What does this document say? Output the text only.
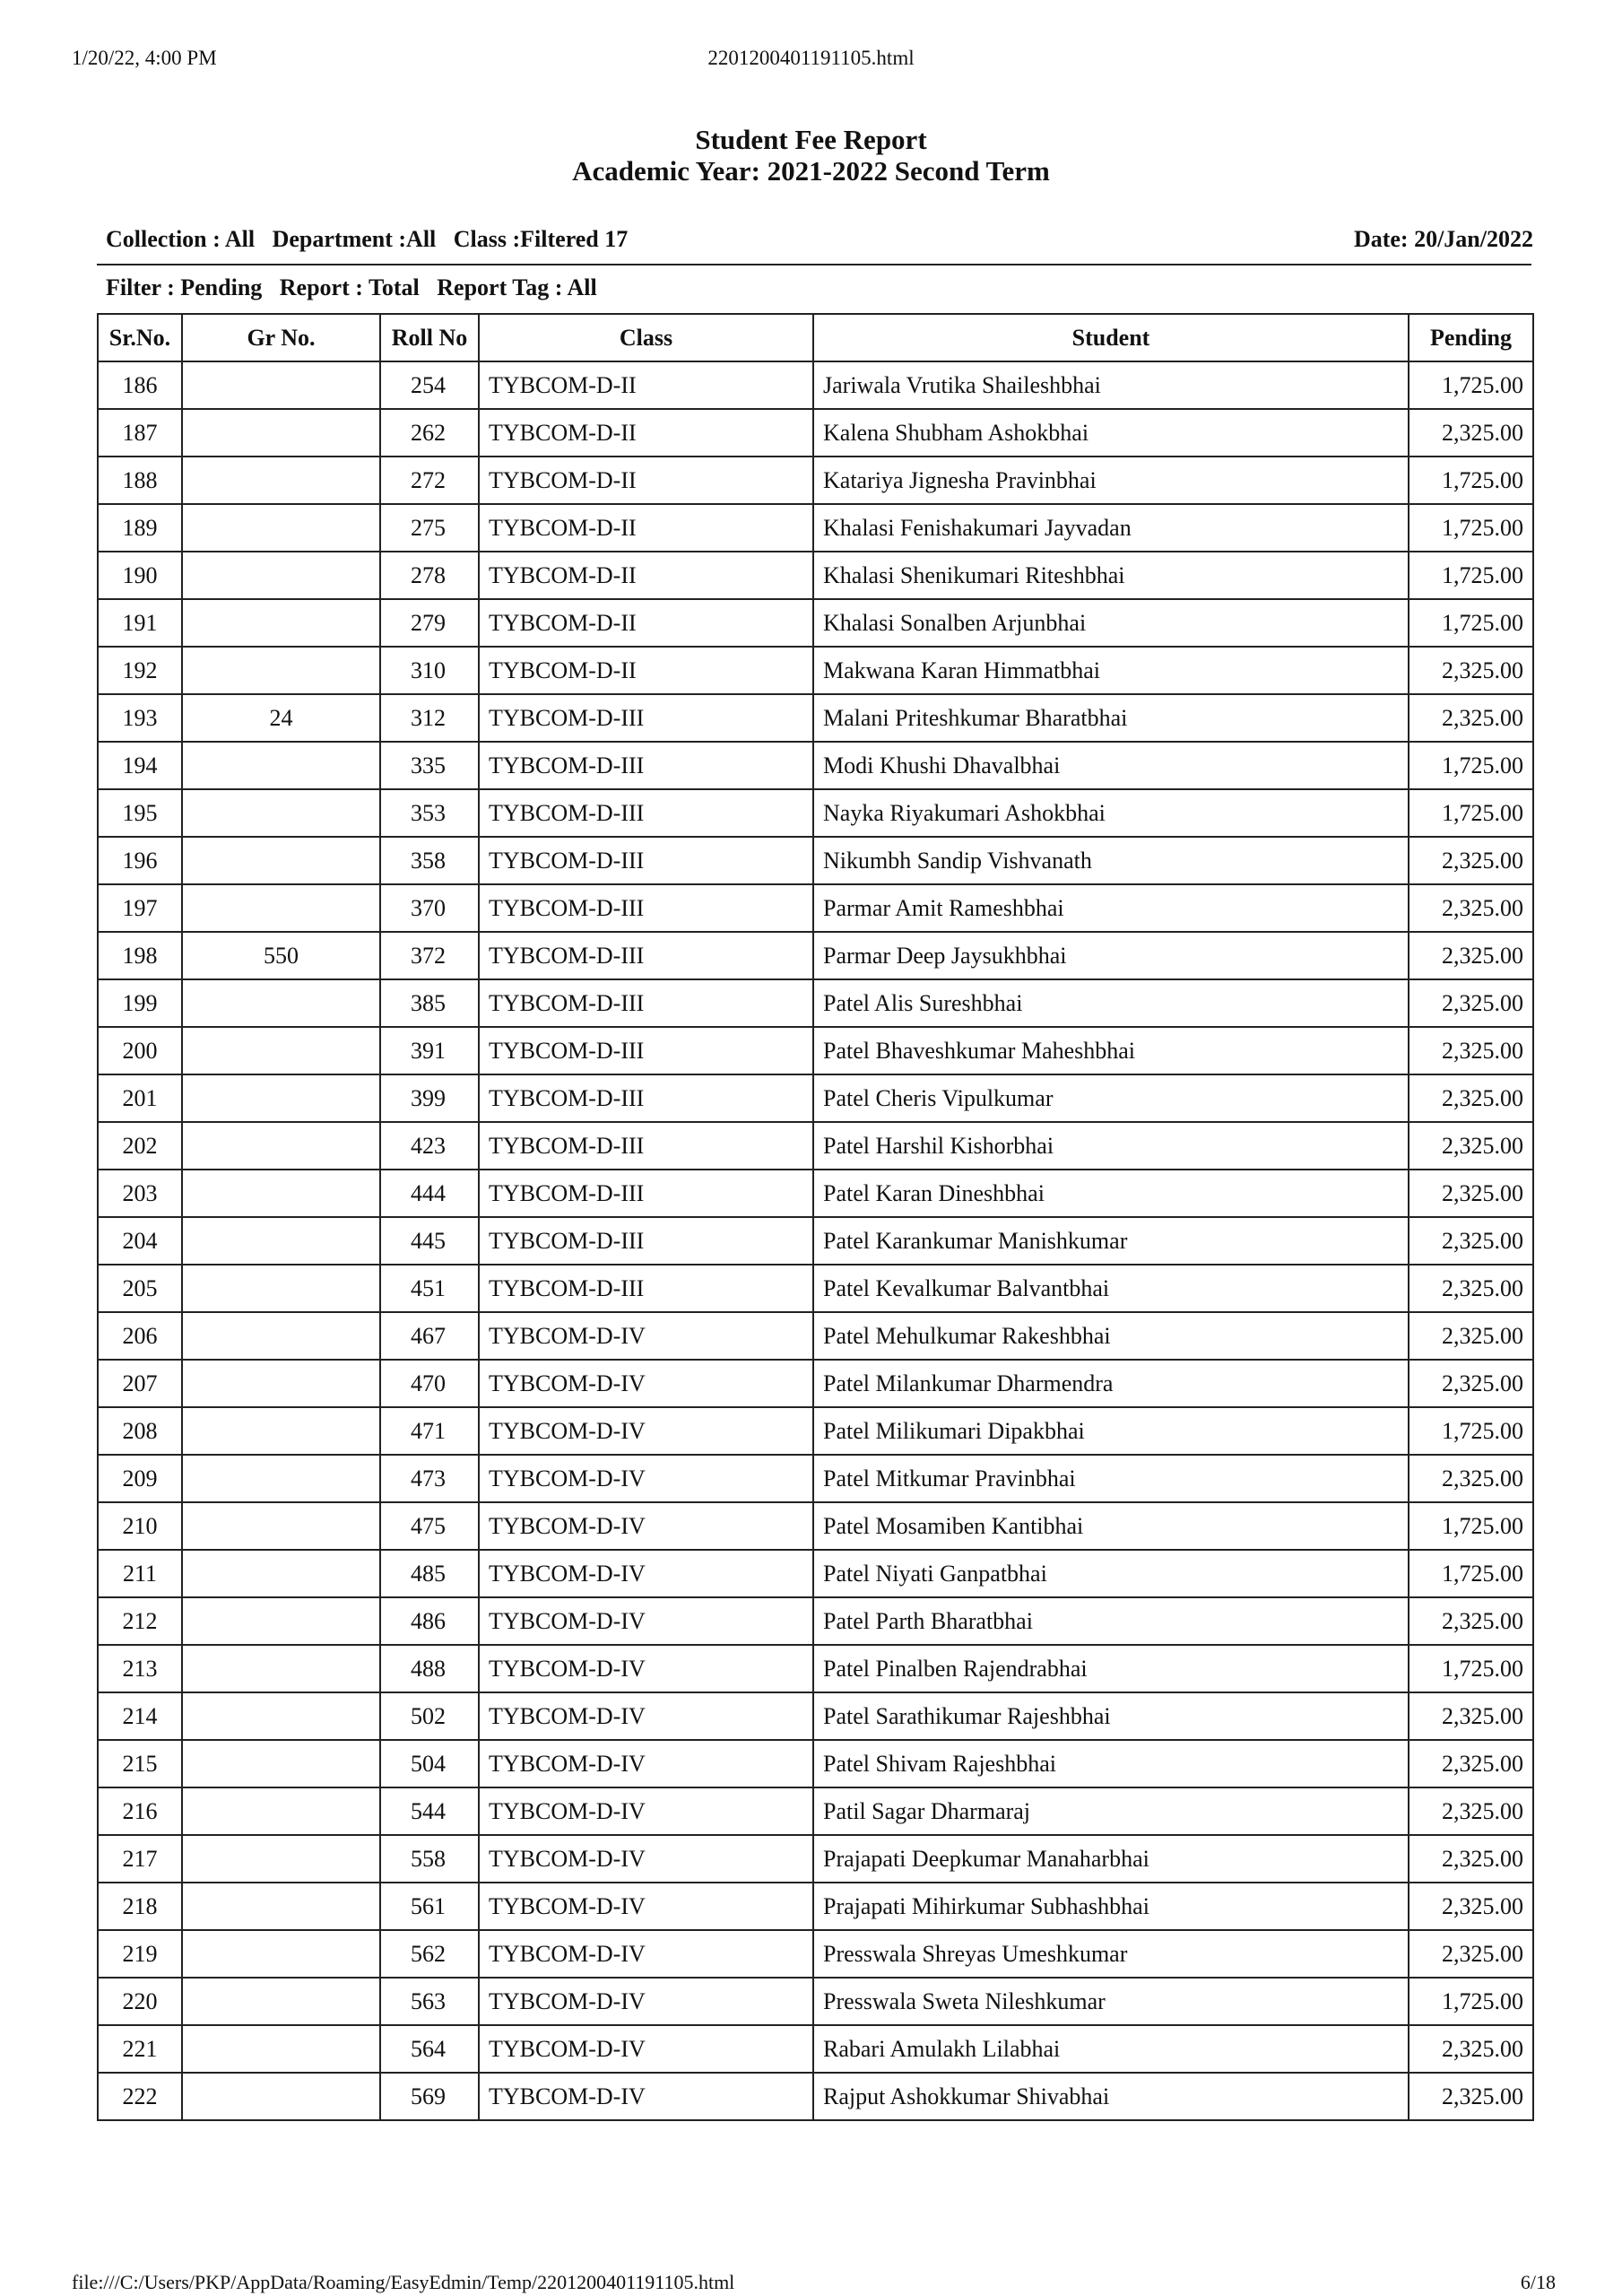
1/20/22, 4:00 PM	2201200401191105.html
Student Fee Report
Academic Year: 2021-2022 Second Term
Collection : All   Department :All   Class :Filtered 17	Date: 20/Jan/2022
Filter : Pending   Report : Total   Report Tag : All
Sr.No.	Gr No.	Roll No	Class	Student	Pending
186		254	TYBCOM-D-II	Jariwala Vrutika Shaileshbhai	1,725.00
187		262	TYBCOM-D-II	Kalena Shubham Ashokbhai	2,325.00
188		272	TYBCOM-D-II	Katariya Jignesha Pravinbhai	1,725.00
189		275	TYBCOM-D-II	Khalasi Fenishakumari Jayvadan	1,725.00
190		278	TYBCOM-D-II	Khalasi Shenikumari Riteshbhai	1,725.00
191		279	TYBCOM-D-II	Khalasi Sonalben Arjunbhai	1,725.00
192		310	TYBCOM-D-II	Makwana Karan Himmatbhai	2,325.00
193	24	312	TYBCOM-D-III	Malani Priteshkumar Bharatbhai	2,325.00
194		335	TYBCOM-D-III	Modi Khushi Dhavalbhai	1,725.00
195		353	TYBCOM-D-III	Nayka Riyakumari Ashokbhai	1,725.00
196		358	TYBCOM-D-III	Nikumbh Sandip Vishvanath	2,325.00
197		370	TYBCOM-D-III	Parmar Amit Rameshbhai	2,325.00
198	550	372	TYBCOM-D-III	Parmar Deep Jaysukhbhai	2,325.00
199		385	TYBCOM-D-III	Patel Alis Sureshbhai	2,325.00
200		391	TYBCOM-D-III	Patel Bhaveshkumar Maheshbhai	2,325.00
201		399	TYBCOM-D-III	Patel Cheris Vipulkumar	2,325.00
202		423	TYBCOM-D-III	Patel Harshil Kishorbhai	2,325.00
203		444	TYBCOM-D-III	Patel Karan Dineshbhai	2,325.00
204		445	TYBCOM-D-III	Patel Karankumar Manishkumar	2,325.00
205		451	TYBCOM-D-III	Patel Kevalkumar Balvantbhai	2,325.00
206		467	TYBCOM-D-IV	Patel Mehulkumar Rakeshbhai	2,325.00
207		470	TYBCOM-D-IV	Patel Milankumar Dharmendra	2,325.00
208		471	TYBCOM-D-IV	Patel Milikumari Dipakbhai	1,725.00
209		473	TYBCOM-D-IV	Patel Mitkumar Pravinbhai	2,325.00
210		475	TYBCOM-D-IV	Patel Mosamiben Kantibhai	1,725.00
211		485	TYBCOM-D-IV	Patel Niyati Ganpatbhai	1,725.00
212		486	TYBCOM-D-IV	Patel Parth Bharatbhai	2,325.00
213		488	TYBCOM-D-IV	Patel Pinalben Rajendrabhai	1,725.00
214		502	TYBCOM-D-IV	Patel Sarathikumar Rajeshbhai	2,325.00
215		504	TYBCOM-D-IV	Patel Shivam Rajeshbhai	2,325.00
216		544	TYBCOM-D-IV	Patil Sagar Dharmaraj	2,325.00
217		558	TYBCOM-D-IV	Prajapati Deepkumar Manaharbhai	2,325.00
218		561	TYBCOM-D-IV	Prajapati Mihirkumar Subhashbhai	2,325.00
219		562	TYBCOM-D-IV	Presswala Shreyas Umeshkumar	2,325.00
220		563	TYBCOM-D-IV	Presswala Sweta Nileshkumar	1,725.00
221		564	TYBCOM-D-IV	Rabari Amulakh Lilabhai	2,325.00
222		569	TYBCOM-D-IV	Rajput Ashokkumar Shivabhai	2,325.00
file:///C:/Users/PKP/AppData/Roaming/EasyEdmin/Temp/2201200401191105.html	6/18
